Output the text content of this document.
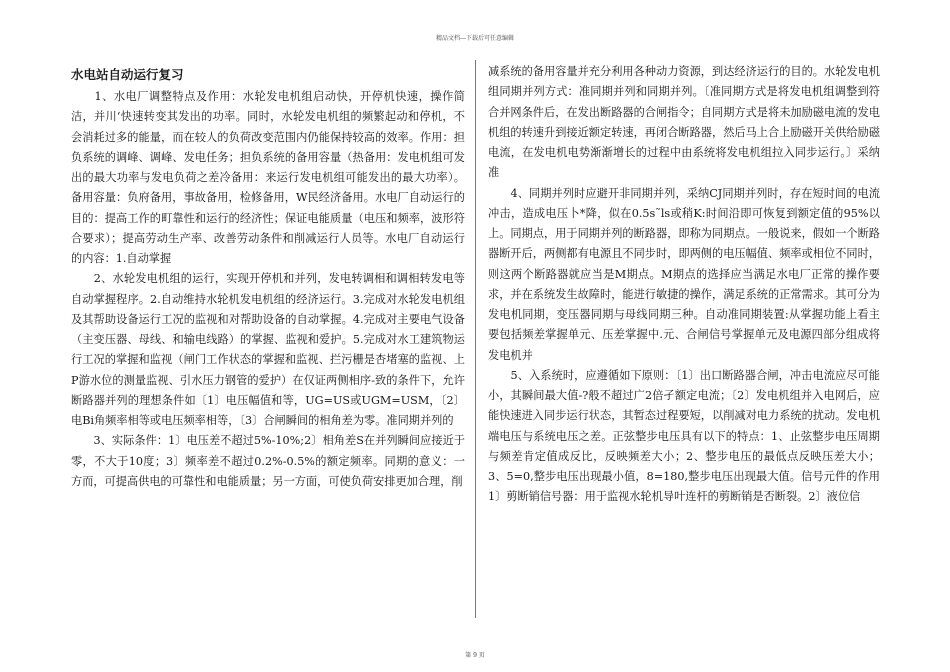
精品文档---下载后可任意编辑
水电站自动运行复习

　　1、水电厂调整特点及作用：水轮发电机组启动快，开停机快速，操作简洁，并川‘快速转变其发出的功率。同时，水轮发电机组的频繁起动和停机，不会消耗过多的能量，而在较人的负荷改变范围内仍能保持较高的效率。作用：担负系统的调峰、调峰、发电任务；担负系统的备用容量（热备用：发电机组可发出的最大功率与发电负荷之差冷备用：来运行发电机组可能发出的最大功率）。备用容量：负府备用，事故备用，检修备用，W民经济备用。水电厂自动运行的目的：提高工作的町靠性和运行的经济性；保证电能质量（电压和频率，波形符合要求）；提高劳动生产率、改善劳动条件和削减运行人员等。水电厂自动运行的内容：1.自动掌握

　　2、水轮发电机组的运行，实现开停机和并列，发电转调相和调相转发电等自动掌握程序。2.自动维持水轮机发电机组的经济运行。3.完成对水轮发电机组及其帮助设备运行工况的监视和对帮助设备的自动掌握。4.完成对主要电气设备（主变压器、母线、和输电线路）的掌握、监视和爱护。5.完成对水工建筑物运行工况的掌握和监视（闸门工作状态的掌握和监视、拦污栅是杏堵塞的监视、上P游水位的测量监视、引水压力钢管的爱护）在仅证两侧相序-致的条件下，允许断路器并列的理想条件如〔1〕电压幅值和等，UG=US或UGM=USM，〔2〕电Bi角频率相等或电压频率相等，〔3〕合闸瞬间的相角差为零。准同期并列的

　　3、实际条件：1〕电压差不超过5%-10%;2〕相角差S在并列瞬间应接近于零，不大于10度；3〕频率差不超过0.2%-0.5%的额定频率。同期的意义：一方而，可提高供电的可靠性和电能质量；另一方面，可使负荷安排更加合理，削

减系统的备用容量并充分利用各种动力资源，到达经济运行的目的。水轮发电机组同期并列方式：准同期并列和同期并列。〔准同期方式是将发电机组调整到符合并网条件后，在发出断路器的合闸指令；自同期方式是将未加励磁电流的发电机组的转速升到接近额定转速，再闭合断路器，然后马上合上励磁开关供给励磁电流，在发电机电势渐渐增长的过程中由系统将发电机组拉入同步运行。〕采纳准

　　4、同期并列时应避开非同期并列，采纳CJ同期并列时，存在短时间的电流冲击，造成电压卜*降，似在0.5s˜ls或稍K:时间沿即可恢复到额定值的95%以上。同期点，用于同期并列的断路器，即称为同期点。一般说来，假如一个断路器断开后，两侧都有电源且不同步时，即两侧的电压幅值、频率或相位不同时，则这两个断路器就应当是M期点。M期点的选择应当满足水电厂正常的操作要求，并在系统发生故障时，能进行敏捷的操作，满足系统的正常需求。其可分为发电机同期，变压器同期与母线同期三种。自动准同期装置:从掌握功能上看主要包括频差掌握单元、压差掌握中.元、合闸信号掌握单元及电源四部分组成将发电机并

　　5、入系统时，应遵循如下原则：〔1〕出口断路器合闸，冲击电流应尽可能小，其瞬间最大值-?般不超过广2倍孑额定电流；〔2〕发电机组并入电网后，应能快速进入同步运行状态，其暂态过程要短，以削减对电力系统的扰动。发电机端电压与系统电压之差。正弦整步电压具有以下的特点：1、止弦整步电压周期与频差肯定值成反比，反映频差大小；2、整步电压的最低点反映压差大小；3、5=0,整步电压出现最小值，8=180,整步电压出现最大值。信号元件的作用1〕剪断销信号器：用于监视水轮机导叶连杆的剪断销是否断裂。2〕液位信

第 9 页
